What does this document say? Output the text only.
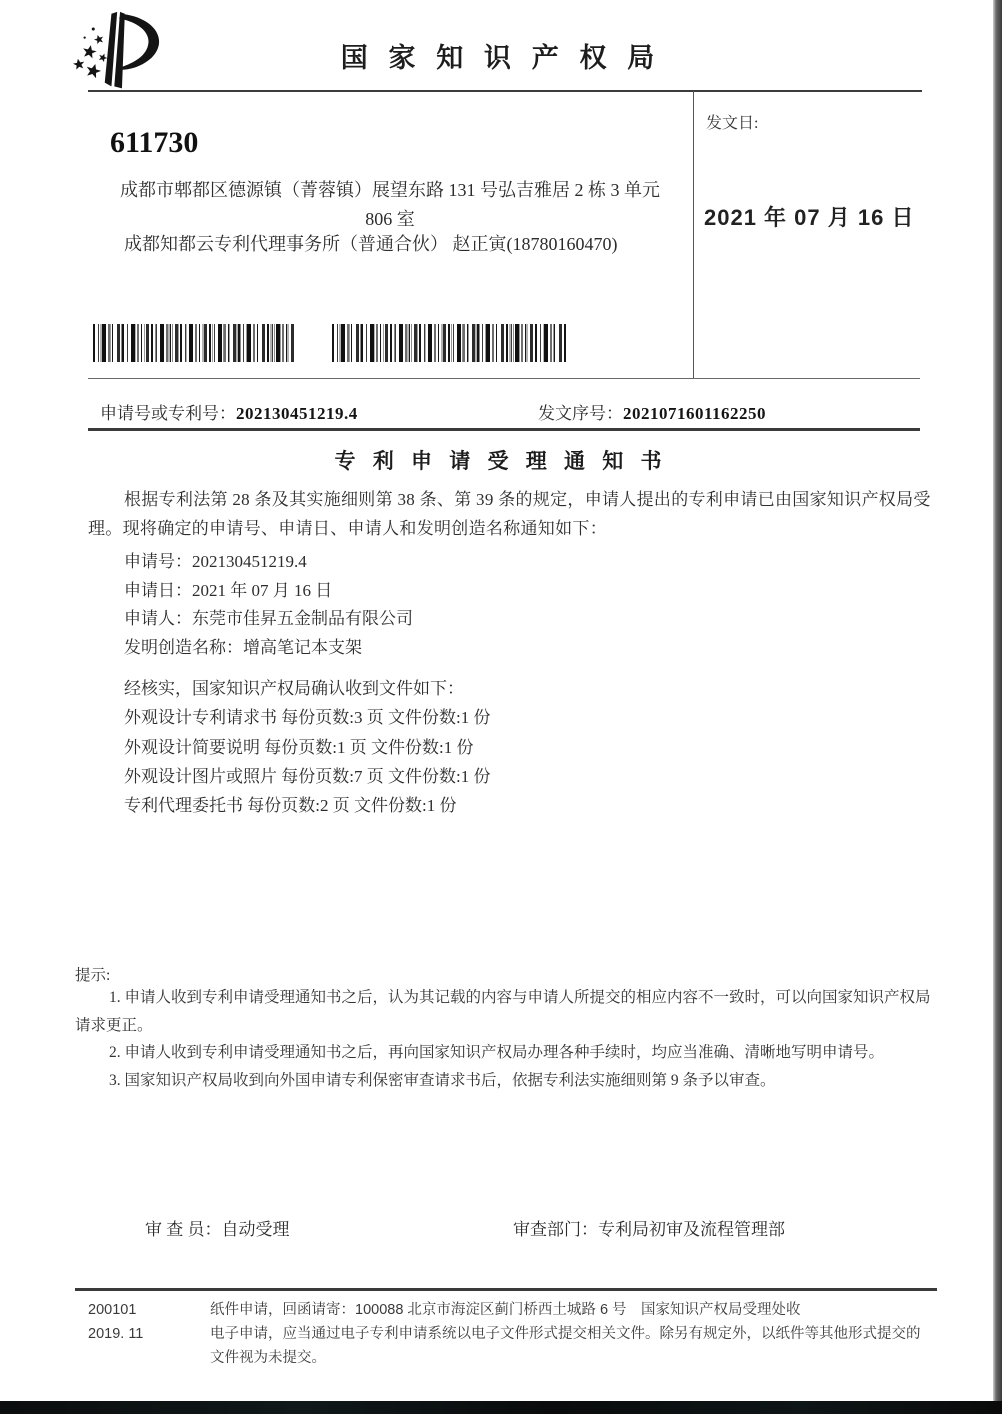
国 家 知 识 产 权 局
发文日:
2021 年 07 月 16 日
611730
成都市郫都区德源镇（菁蓉镇）展望东路 131 号弘吉雅居 2 栋 3 单元
806 室
成都知都云专利代理事务所（普通合伙） 赵正寅(18780160470)
申请号或专利号：202130451219.4	发文序号：2021071601162250
专 利 申 请 受 理 通 知 书
根据专利法第 28 条及其实施细则第 38 条、第 39 条的规定，申请人提出的专利申请已由国家知识产权局受理。现将确定的申请号、申请日、申请人和发明创造名称通知如下：
申请号：202130451219.4
申请日：2021 年 07 月 16 日
申请人：东莞市佳昇五金制品有限公司
发明创造名称：增高笔记本支架
经核实，国家知识产权局确认收到文件如下：
外观设计专利请求书 每份页数:3 页 文件份数:1 份
外观设计简要说明 每份页数:1 页 文件份数:1 份
外观设计图片或照片 每份页数:7 页 文件份数:1 份
专利代理委托书 每份页数:2 页 文件份数:1 份
提示:

1. 申请人收到专利申请受理通知书之后，认为其记载的内容与申请人所提交的相应内容不一致时，可以向国家知识产权局请求更正。

2. 申请人收到专利申请受理通知书之后，再向国家知识产权局办理各种手续时，均应当准确、清晰地写明申请号。

3. 国家知识产权局收到向外国申请专利保密审查请求书后，依据专利法实施细则第 9 条予以审查。

审 查 员：自动受理	审查部门：专利局初审及流程管理部
200101
2019. 11

纸件申请，回函请寄：100088 北京市海淀区蓟门桥西土城路 6 号　国家知识产权局受理处收

电子申请，应当通过电子专利申请系统以电子文件形式提交相关文件。除另有规定外，以纸件等其他形式提交的文件视为未提交。
